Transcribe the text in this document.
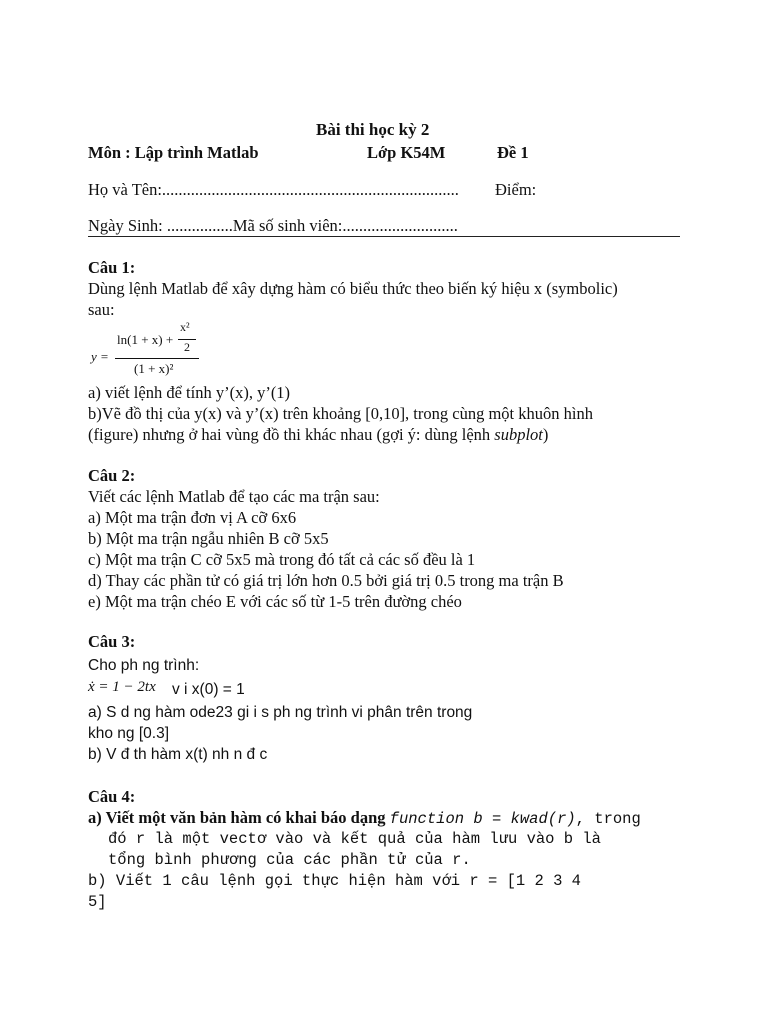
Bài thi học kỳ 2
Môn : Lập trình Matlab	Lớp K54M	Đề 1
Họ và Tên:........................................................................ Điểm:
Ngày Sinh: ................Mã số sinh viên:............................
Câu 1:
Dùng lệnh Matlab để xây dựng hàm có biểu thức theo biến ký hiệu x (symbolic)
sau:
y =
ln(1 + x) +
x²
2
(1 + x)²
a) viết lệnh để tính y’(x), y’(1)
b)Vẽ đồ thị của y(x) và y’(x) trên khoảng [0,10], trong cùng một khuôn hình
(figure) nhưng ở hai vùng đồ thi khác nhau (gợi ý: dùng lệnh subplot)
Câu 2:
Viết các lệnh Matlab để tạo các ma trận sau:
a) Một ma trận đơn vị A cỡ 6x6
b) Một ma trận ngẫu nhiên B cỡ 5x5
c) Một ma trận C cỡ 5x5 mà trong đó tất cả các số đều là 1
d) Thay các phần tử có giá trị lớn hơn 0.5 bởi giá trị 0.5 trong ma trận B
e) Một ma trận chéo E với các số từ 1-5 trên đường chéo
Câu 3:
Cho ph ng trình:
ẋ = 1 − 2tx v i x(0) = 1
a) S d ng hàm ode23 gi i s ph ng trình vi phân trên trong
kho ng [0.3]
b) V đ th hàm x(t) nh n đ c
Câu 4:
a) Viết một văn bản hàm có khai báo dạng function b = kwad(r), trong
đó r là một vectơ vào và kết quả của hàm lưu vào b là
tổng bình phương của các phần tử của r.
b) Viết 1 câu lệnh gọi thực hiện hàm với r = [1 2 3 4
5]
